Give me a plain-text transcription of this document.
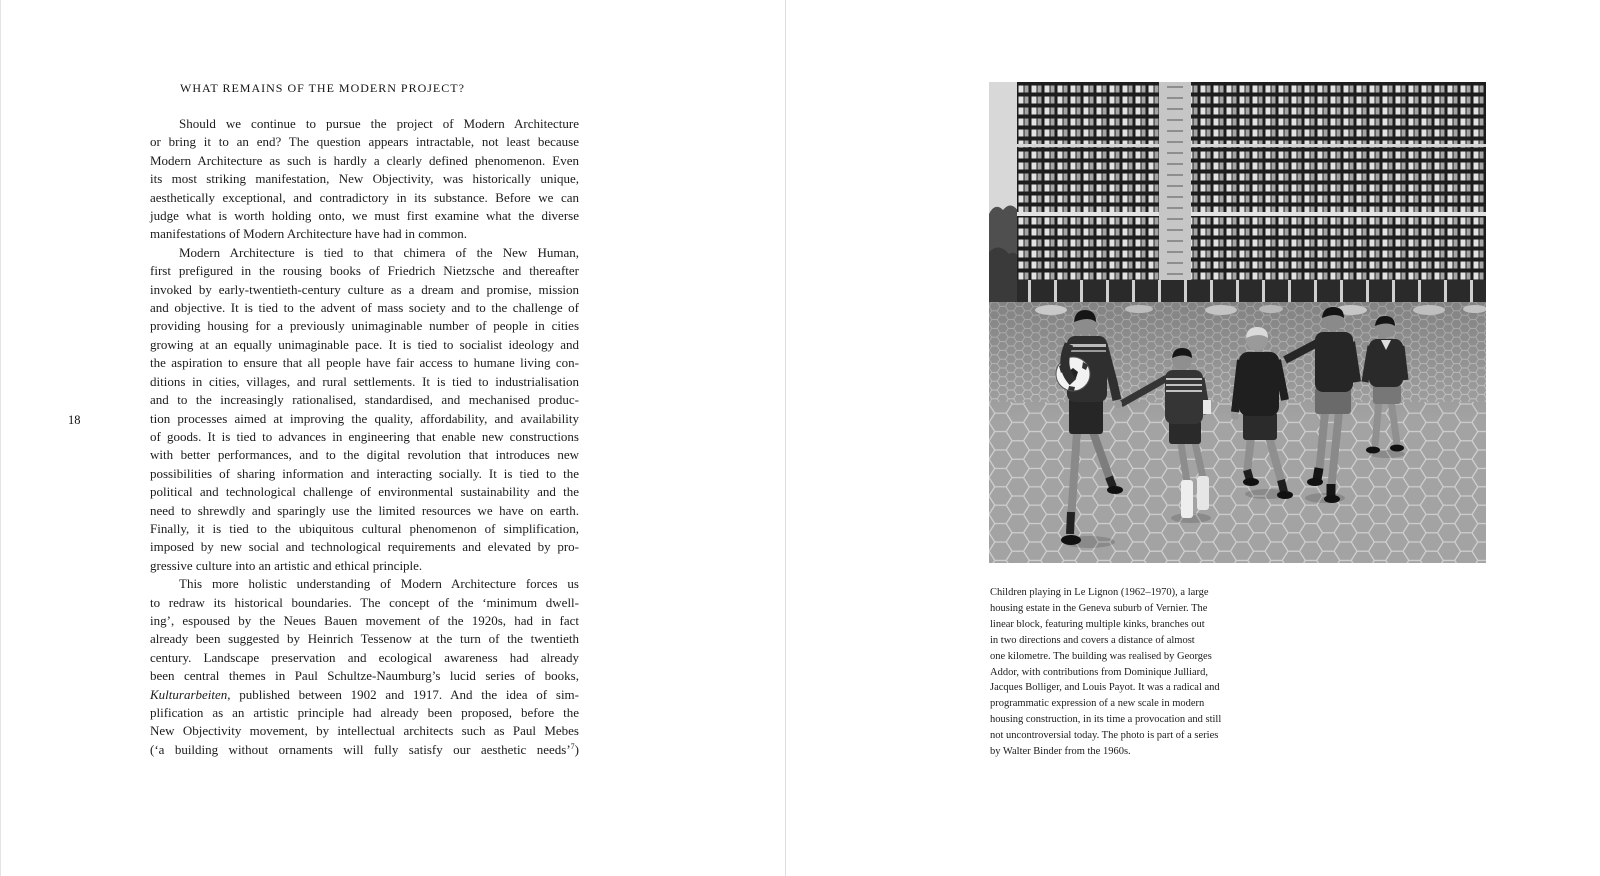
WHAT REMAINS OF THE MODERN PROJECT?
18
Should we continue to pursue the project of Modern Architecture
or bring it to an end? The question appears intractable, not least because
Modern Architecture as such is hardly a clearly defined phenomenon. Even
its most striking manifestation, New Objectivity, was historically unique,
aesthetically exceptional, and contradictory in its substance. Before we can
judge what is worth holding onto, we must first examine what the diverse
manifestations of Modern Architecture have had in common.
Modern Architecture is tied to that chimera of the New Human,
first prefigured in the rousing books of Friedrich Nietzsche and thereafter
invoked by early-twentieth-century culture as a dream and promise, mission
and objective. It is tied to the advent of mass society and to the challenge of
providing housing for a previously unimaginable number of people in cities
growing at an equally unimaginable pace. It is tied to socialist ideology and
the aspiration to ensure that all people have fair access to humane living con-
ditions in cities, villages, and rural settlements. It is tied to industrialisation
and to the increasingly rationalised, standardised, and mechanised produc-
tion processes aimed at improving the quality, affordability, and availability
of goods. It is tied to advances in engineering that enable new constructions
with better performances, and to the digital revolution that introduces new
possibilities of sharing information and interacting socially. It is tied to the
political and technological challenge of environmental sustainability and the
need to shrewdly and sparingly use the limited resources we have on earth.
Finally, it is tied to the ubiquitous cultural phenomenon of simplification,
imposed by new social and technological requirements and elevated by pro-
gressive culture into an artistic and ethical principle.
This more holistic understanding of Modern Architecture forces us
to redraw its historical boundaries. The concept of the ‘minimum dwell-
ing’, espoused by the Neues Bauen movement of the 1920s, had in fact
already been suggested by Heinrich Tessenow at the turn of the twentieth
century. Landscape preservation and ecological awareness had already
been central themes in Paul Schultze-Naumburg’s lucid series of books,
Kulturarbeiten, published between 1902 and 1917. And the idea of sim-
plification as an artistic principle had already been proposed, before the
New Objectivity movement, by intellectual architects such as Paul Mebes
(‘a building without ornaments will fully satisfy our aesthetic needs’$^7$)
Children playing in Le Lignon (1962–1970), a large
housing estate in the Geneva suburb of Vernier. The
linear block, featuring multiple kinks, branches out
in two directions and covers a distance of almost
one kilometre. The building was realised by Georges
Addor, with contributions from Dominique Julliard,
Jacques Bolliger, and Louis Payot. It was a radical and
programmatic expression of a new scale in modern
housing construction, in its time a provocation and still
not uncontroversial today. The photo is part of a series
by Walter Binder from the 1960s.
